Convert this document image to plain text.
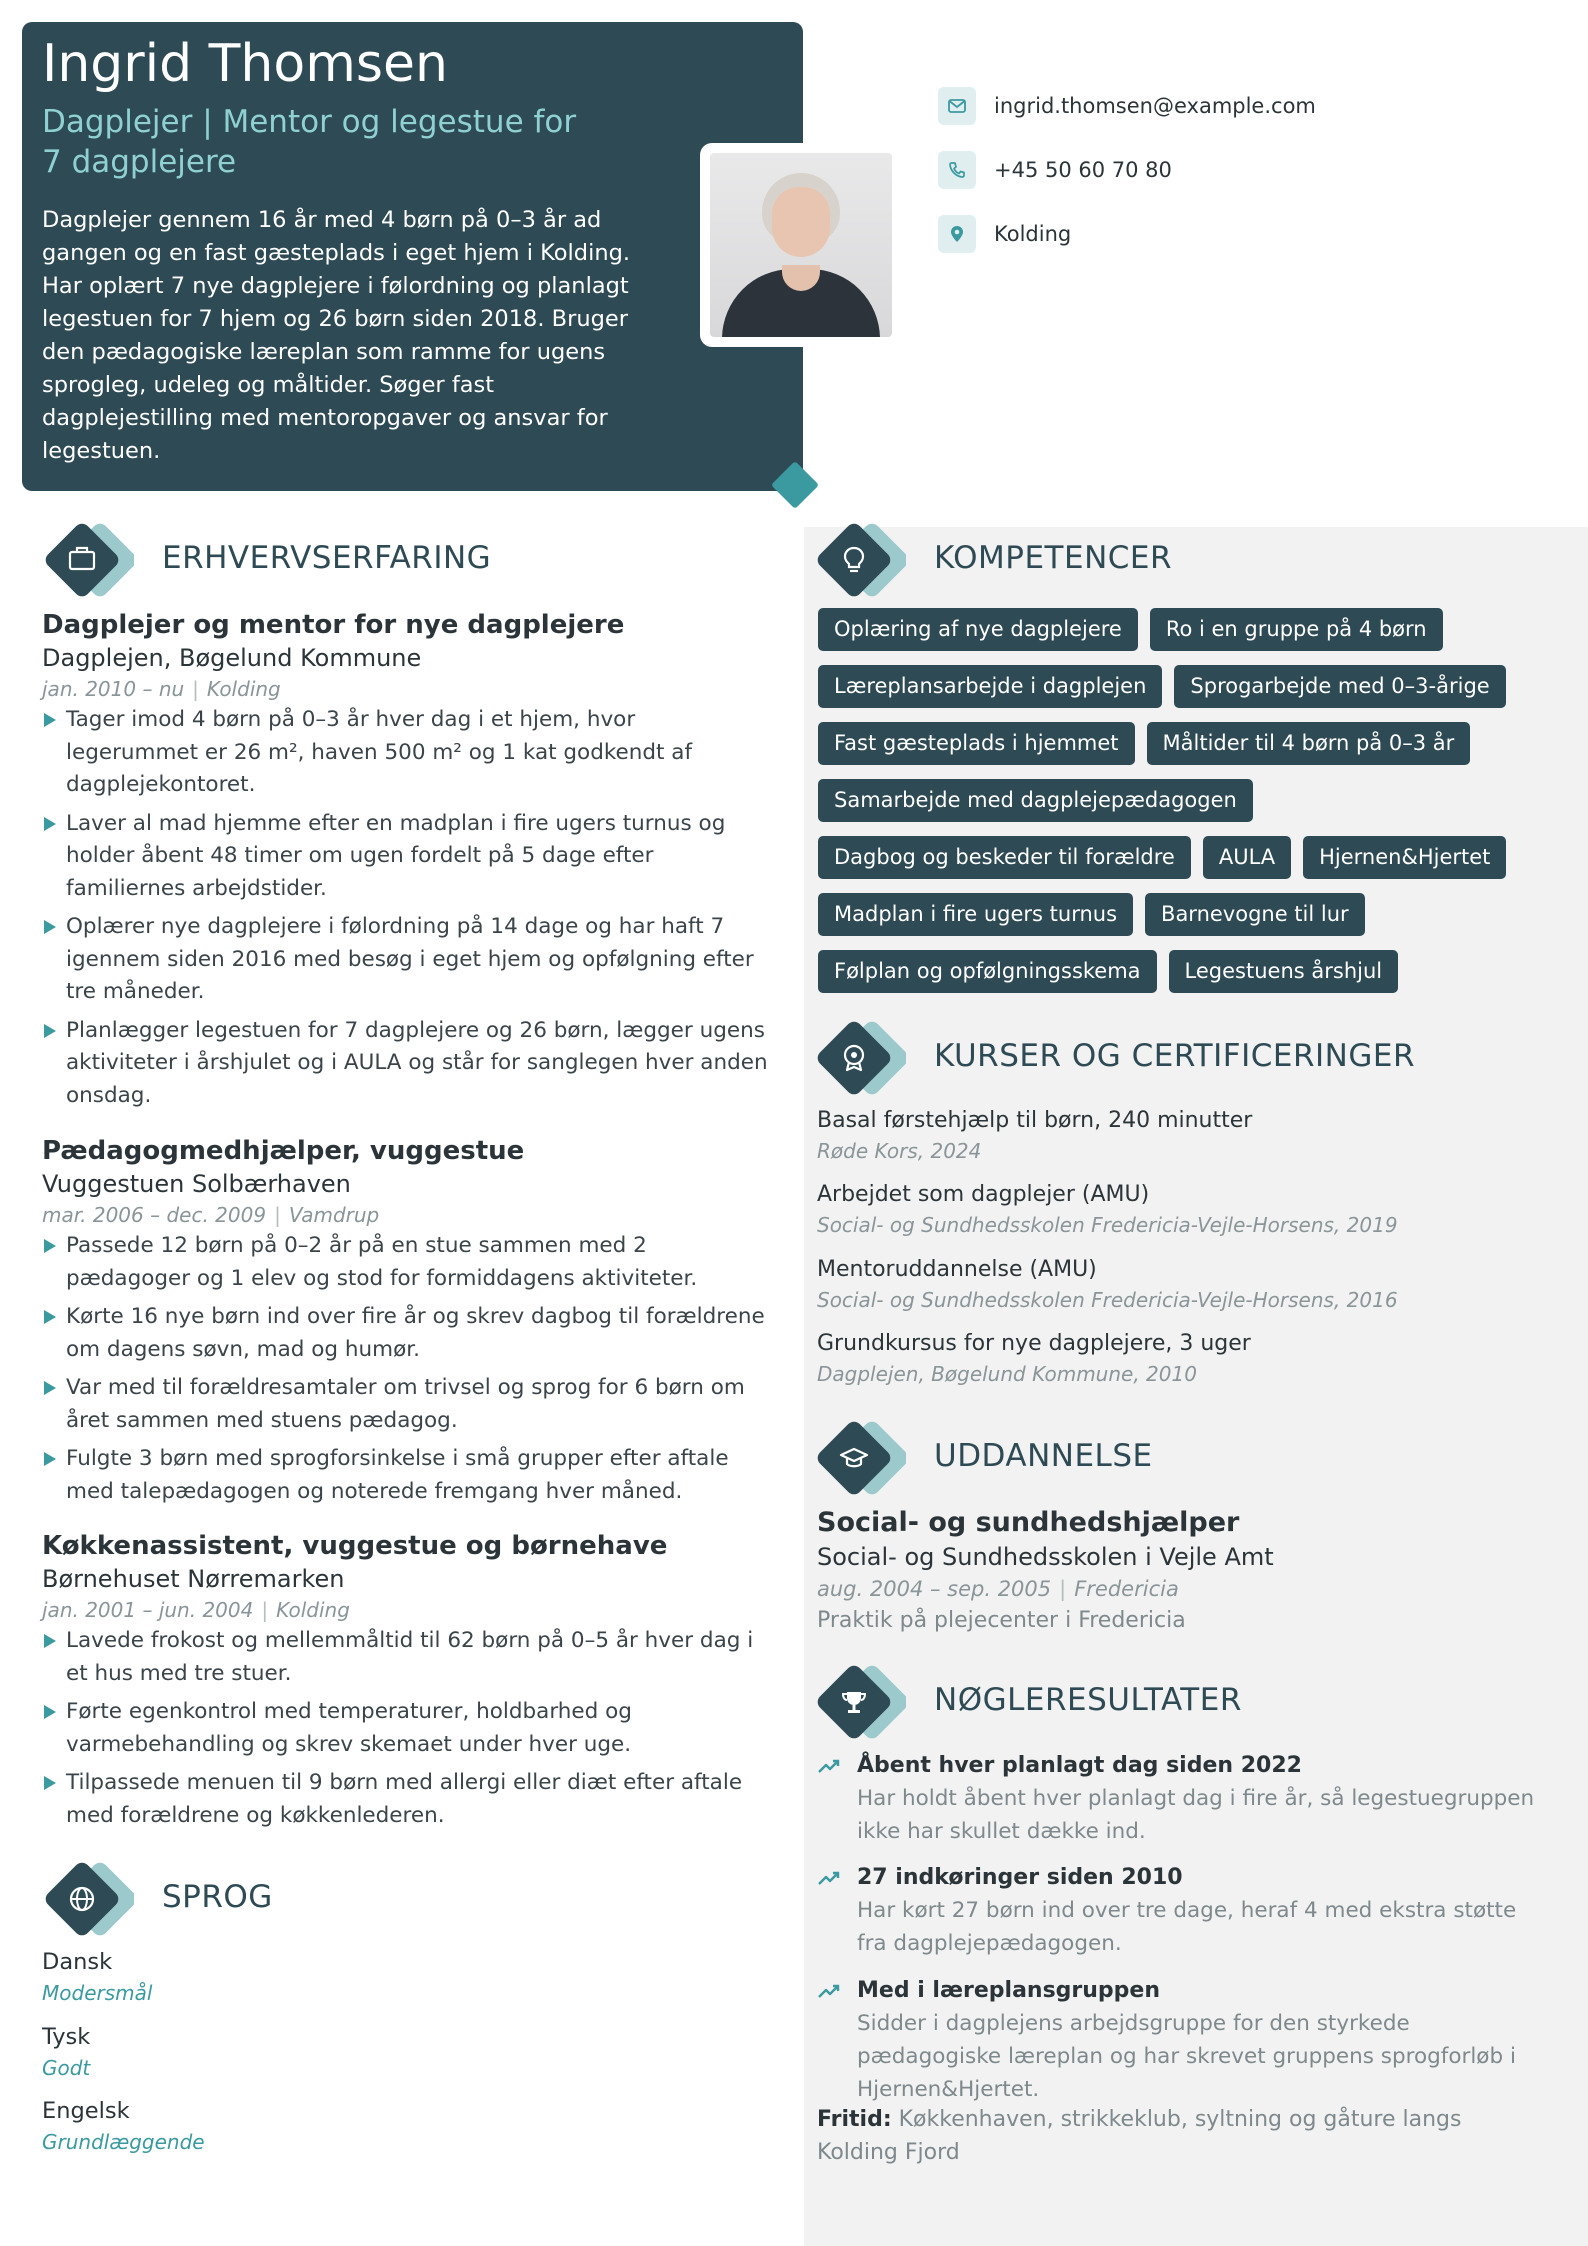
Ingrid Thomsen
Dagplejer | Mentor og legestue for 7 dagplejere
Dagplejer gennem 16 år med 4 børn på 0–3 år ad gangen og en fast gæsteplads i eget hjem i Kolding. Har oplært 7 nye dagplejere i følordning og planlagt legestuen for 7 hjem og 26 børn siden 2018. Bruger den pædagogiske læreplan som ramme for ugens sprogleg, udeleg og måltider. Søger fast dagplejestilling med mentoropgaver og ansvar for legestuen.
ingrid.thomsen@example.com
+45 50 60 70 80
Kolding
ERHVERVSERFARING
Dagplejer og mentor for nye dagplejere
Dagplejen, Bøgelund Kommune
jan. 2010 – nu | Kolding
Tager imod 4 børn på 0–3 år hver dag i et hjem, hvor legerummet er 26 m², haven 500 m² og 1 kat godkendt af dagplejekontoret.
Laver al mad hjemme efter en madplan i fire ugers turnus og holder åbent 48 timer om ugen fordelt på 5 dage efter familiernes arbejdstider.
Oplærer nye dagplejere i følordning på 14 dage og har haft 7 igennem siden 2016 med besøg i eget hjem og opfølgning efter tre måneder.
Planlægger legestuen for 7 dagplejere og 26 børn, lægger ugens aktiviteter i årshjulet og i AULA og står for sanglegen hver anden onsdag.
Pædagogmedhjælper, vuggestue
Vuggestuen Solbærhaven
mar. 2006 – dec. 2009 | Vamdrup
Passede 12 børn på 0–2 år på en stue sammen med 2 pædagoger og 1 elev og stod for formiddagens aktiviteter.
Kørte 16 nye børn ind over fire år og skrev dagbog til forældrene om dagens søvn, mad og humør.
Var med til forældresamtaler om trivsel og sprog for 6 børn om året sammen med stuens pædagog.
Fulgte 3 børn med sprogforsinkelse i små grupper efter aftale med talepædagogen og noterede fremgang hver måned.
Køkkenassistent, vuggestue og børnehave
Børnehuset Nørremarken
jan. 2001 – jun. 2004 | Kolding
Lavede frokost og mellemmåltid til 62 børn på 0–5 år hver dag i et hus med tre stuer.
Førte egenkontrol med temperaturer, holdbarhed og varmebehandling og skrev skemaet under hver uge.
Tilpassede menuen til 9 børn med allergi eller diæt efter aftale med forældrene og køkkenlederen.
SPROG
Dansk
Modersmål
Tysk
Godt
Engelsk
Grundlæggende
KOMPETENCER
Oplæring af nye dagplejere	Ro i en gruppe på 4 børn
Læreplansarbejde i dagplejen	Sprogarbejde med 0–3-årige
Fast gæsteplads i hjemmet	Måltider til 4 børn på 0–3 år
Samarbejde med dagplejepædagogen
Dagbog og beskeder til forældre	AULA	Hjernen&Hjertet
Madplan i fire ugers turnus	Barnevogne til lur
Følplan og opfølgningsskema	Legestuens årshjul
KURSER OG CERTIFICERINGER
Basal førstehjælp til børn, 240 minutter
Røde Kors, 2024
Arbejdet som dagplejer (AMU)
Social- og Sundhedsskolen Fredericia-Vejle-Horsens, 2019
Mentoruddannelse (AMU)
Social- og Sundhedsskolen Fredericia-Vejle-Horsens, 2016
Grundkursus for nye dagplejere, 3 uger
Dagplejen, Bøgelund Kommune, 2010
UDDANNELSE
Social- og sundhedshjælper
Social- og Sundhedsskolen i Vejle Amt
aug. 2004 – sep. 2005 | Fredericia
Praktik på plejecenter i Fredericia
NØGLERESULTATER
Åbent hver planlagt dag siden 2022
Har holdt åbent hver planlagt dag i fire år, så legestuegruppen ikke har skullet dække ind.
27 indkøringer siden 2010
Har kørt 27 børn ind over tre dage, heraf 4 med ekstra støtte fra dagplejepædagogen.
Med i læreplansgruppen
Sidder i dagplejens arbejdsgruppe for den styrkede pædagogiske læreplan og har skrevet gruppens sprogforløb i Hjernen&Hjertet.
Fritid: Køkkenhaven, strikkeklub, syltning og gåture langs Kolding Fjord
